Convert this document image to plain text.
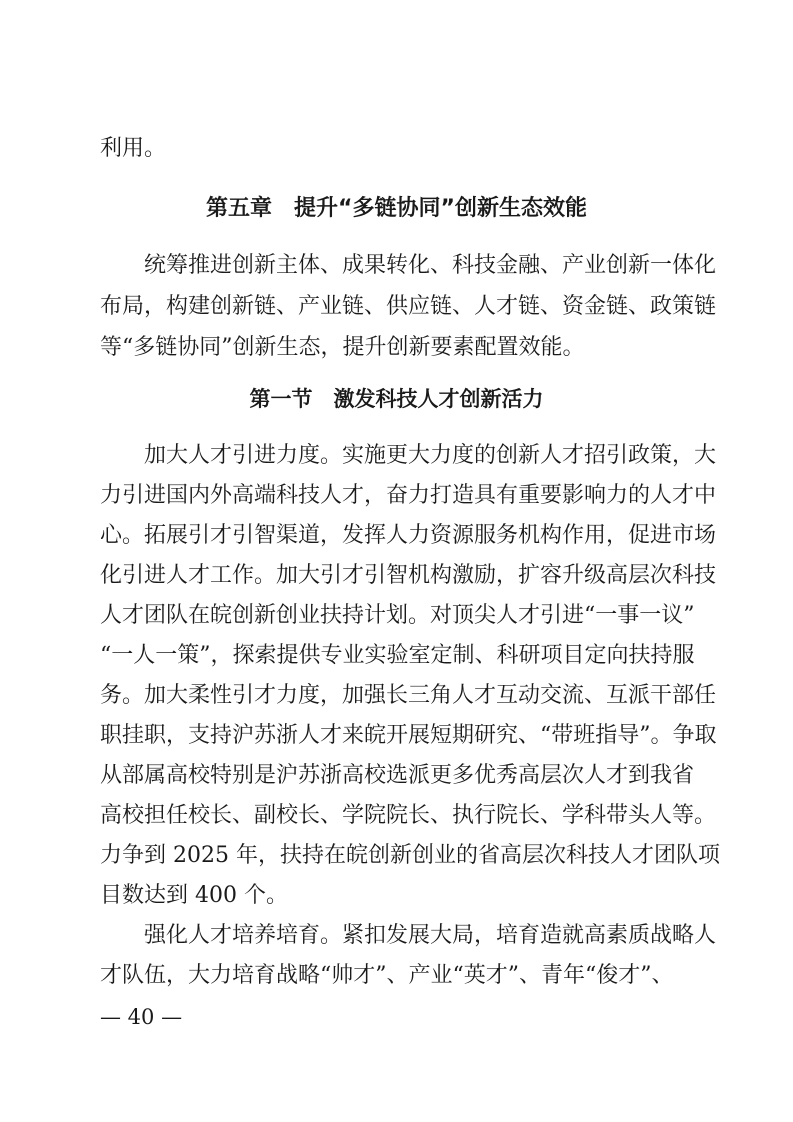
利用。
第五章　提升“多链协同”创新生态效能
　　统筹推进创新主体、成果转化、科技金融、产业创新一体化
布局，构建创新链、产业链、供应链、人才链、资金链、政策链
等“多链协同”创新生态，提升创新要素配置效能。
第一节　激发科技人才创新活力
　　加大人才引进力度。实施更大力度的创新人才招引政策，大
力引进国内外高端科技人才，奋力打造具有重要影响力的人才中
心。拓展引才引智渠道，发挥人力资源服务机构作用，促进市场
化引进人才工作。加大引才引智机构激励，扩容升级高层次科技
人才团队在皖创新创业扶持计划。对顶尖人才引进“一事一议”
“一人一策”，探索提供专业实验室定制、科研项目定向扶持服
务。加大柔性引才力度，加强长三角人才互动交流、互派干部任
职挂职，支持沪苏浙人才来皖开展短期研究、“带班指导”。争取
从部属高校特别是沪苏浙高校选派更多优秀高层次人才到我省
高校担任校长、副校长、学院院长、执行院长、学科带头人等。
力争到 2025 年，扶持在皖创新创业的省高层次科技人才团队项
目数达到 400 个。
　　强化人才培养培育。紧扣发展大局，培育造就高素质战略人
才队伍，大力培育战略“帅才”、产业“英才”、青年“俊才”、
— 40 —
